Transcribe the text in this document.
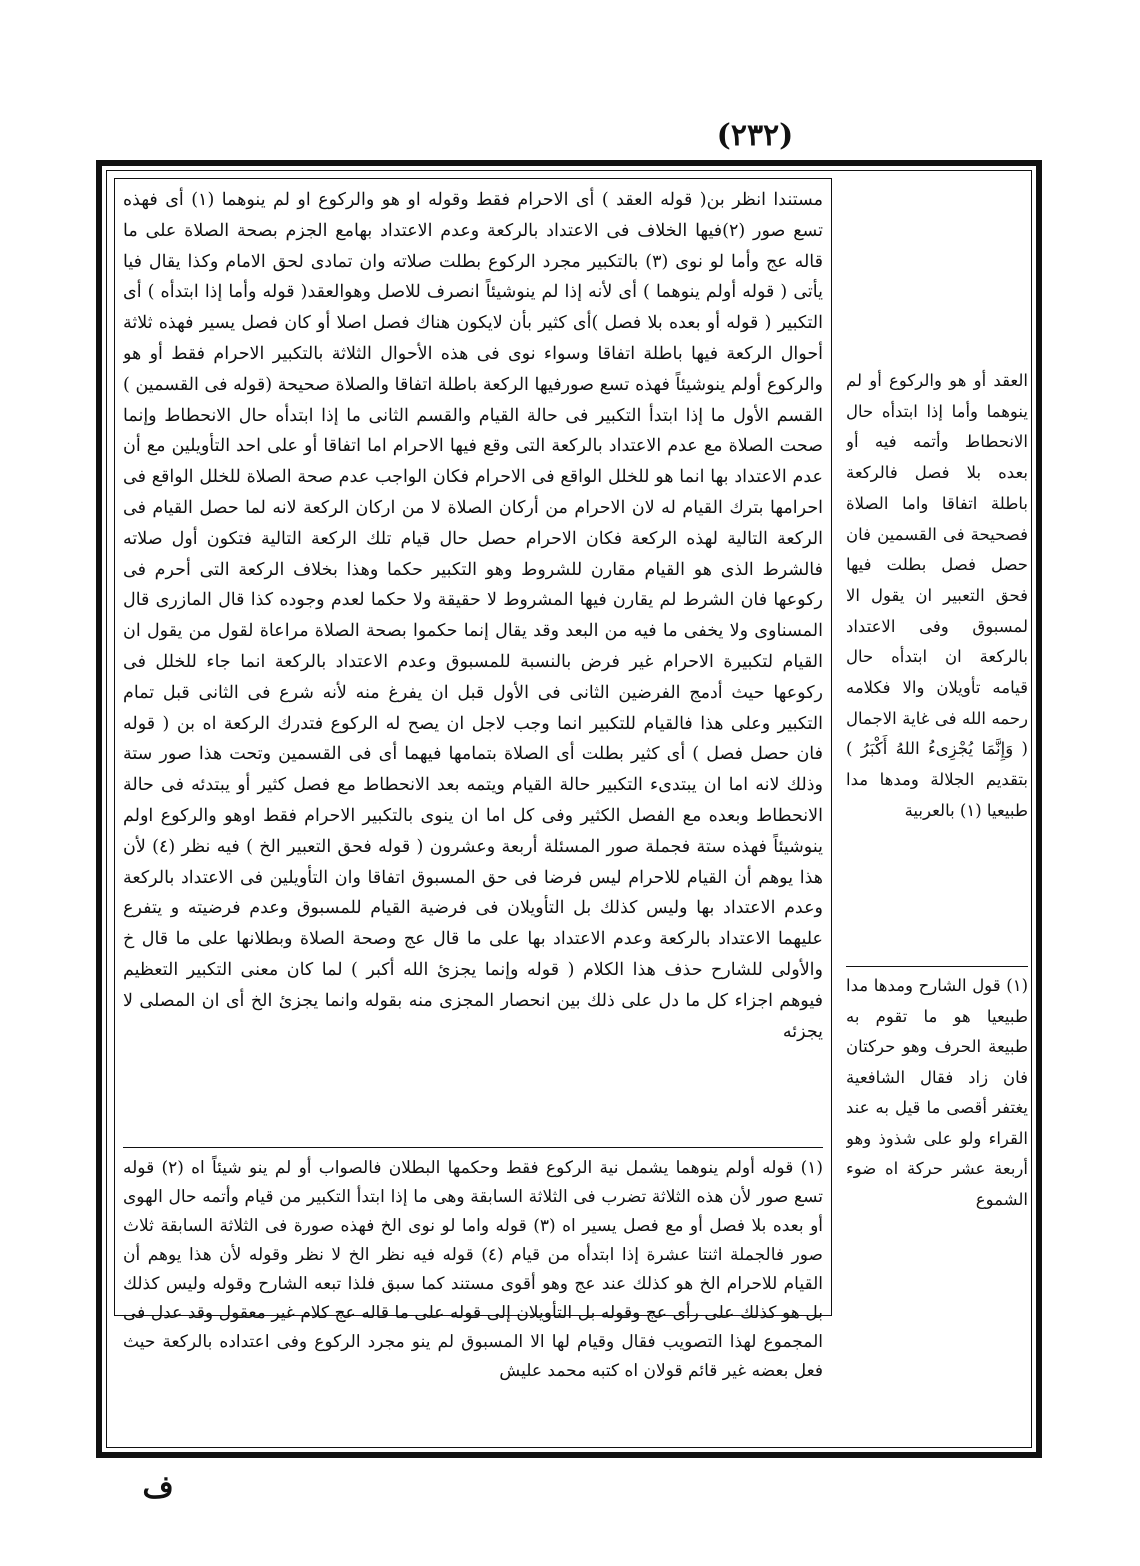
(٢٣٢)
مستندا انظر بن( قوله العقد ) أى الاحرام فقط وقوله او هو والركوع او لم ينوهما (١) أى فهذه تسع صور (٢)فيها الخلاف فى الاعتداد بالركعة وعدم الاعتداد بهامع الجزم بصحة الصلاة على ما قاله عج وأما لو نوى (٣) بالتكبير مجرد الركوع بطلت صلاته وان تمادى لحق الامام وكذا يقال فيا يأتى ( قوله أولم ينوهما ) أى لأنه إذا لم ينوشيئاً انصرف للاصل وهوالعقد( قوله وأما إذا ابتدأه ) أى التكبير ( قوله أو بعده بلا فصل )أى كثير بأن لايكون هناك فصل اصلا أو كان فصل يسير فهذه ثلاثة أحوال الركعة فيها باطلة اتفاقا وسواء نوى فى هذه الأحوال الثلاثة بالتكبير الاحرام فقط أو هو والركوع أولم ينوشيئاً فهذه تسع صورفيها الركعة باطلة اتفاقا والصلاة صحيحة (قوله فى القسمين ) القسم الأول ما إذا ابتدأ التكبير فى حالة القيام والقسم الثانى ما إذا ابتدأه حال الانحطاط وإنما صحت الصلاة مع عدم الاعتداد بالركعة التى وقع فيها الاحرام اما اتفاقا أو على احد التأويلين مع أن عدم الاعتداد بها انما هو للخلل الواقع فى الاحرام فكان الواجب عدم صحة الصلاة للخلل الواقع فى احرامها بترك القيام له لان الاحرام من أركان الصلاة لا من اركان الركعة لانه لما حصل القيام فى الركعة التالية لهذه الركعة فكان الاحرام حصل حال قيام تلك الركعة التالية فتكون أول صلاته فالشرط الذى هو القيام مقارن للشروط وهو التكبير حكما وهذا بخلاف الركعة التى أحرم فى ركوعها فان الشرط لم يقارن فيها المشروط لا حقيقة ولا حكما لعدم وجوده كذا قال المازرى قال المسناوى ولا يخفى ما فيه من البعد وقد يقال إنما حكموا بصحة الصلاة مراعاة لقول من يقول ان القيام لتكبيرة الاحرام غير فرض بالنسبة للمسبوق وعدم الاعتداد بالركعة انما جاء للخلل فى ركوعها حيث أدمج الفرضين الثانى فى الأول قبل ان يفرغ منه لأنه شرع فى الثانى قبل تمام التكبير وعلى هذا فالقيام للتكبير انما وجب لاجل ان يصح له الركوع فتدرك الركعة اه بن ( قوله فان حصل فصل ) أى كثير بطلت أى الصلاة بتمامها فيهما أى فى القسمين وتحت هذا صور ستة وذلك لانه اما ان يبتدىء التكبير حالة القيام ويتمه بعد الانحطاط مع فصل كثير أو يبتدئه فى حالة الانحطاط وبعده مع الفصل الكثير وفى كل اما ان ينوى بالتكبير الاحرام فقط اوهو والركوع اولم ينوشيئاً فهذه ستة فجملة صور المسئلة أربعة وعشرون ( قوله فحق التعبير الخ ) فيه نظر (٤) لأن هذا يوهم أن القيام للاحرام ليس فرضا فى حق المسبوق اتفاقا وان التأويلين فى الاعتداد بالركعة وعدم الاعتداد بها وليس كذلك بل التأويلان فى فرضية القيام للمسبوق وعدم فرضيته و يتفرع عليهما الاعتداد بالركعة وعدم الاعتداد بها على ما قال عج وصحة الصلاة وبطلانها على ما قال خ والأولى للشارح حذف هذا الكلام ( قوله وإنما يجزئ الله أكبر ) لما كان معنى التكبير التعظيم فيوهم اجزاء كل ما دل على ذلك بين انحصار المجزى منه بقوله وانما يجزئ الخ أى ان المصلى لا يجزئه
(١) قوله أولم ينوهما يشمل نية الركوع فقط وحكمها البطلان فالصواب أو لم ينو شيئاً اه (٢) قوله تسع صور لأن هذه الثلاثة تضرب فى الثلاثة السابقة وهى ما إذا ابتدأ التكبير من قيام وأتمه حال الهوى أو بعده بلا فصل أو مع فصل يسير اه (٣) قوله واما لو نوى الخ فهذه صورة فى الثلاثة السابقة ثلاث صور فالجملة اثنتا عشرة إذا ابتدأه من قيام (٤) قوله فيه نظر الخ لا نظر وقوله لأن هذا يوهم أن القيام للاحرام الخ هو كذلك عند عج وهو أقوى مستند كما سبق فلذا تبعه الشارح وقوله وليس كذلك بل هو كذلك على رأى عج وقوله بل التأويلان إلى قوله على ما قاله عج كلام غير معقول وقد عدل فى المجموع لهذا التصويب فقال وقيام لها الا المسبوق لم ينو مجرد الركوع وفى اعتداده بالركعة حيث فعل بعضه غير قائم قولان اه كتبه محمد عليش
العقد أو هو والركوع أو لم ينوهما وأما إذا ابتدأه حال الانحطاط وأتمه فيه أو بعده بلا فصل فالركعة باطلة اتفاقا واما الصلاة فصحيحة فى القسمين فان حصل فصل بطلت فيها فحق التعبير ان يقول الا لمسبوق وفى الاعتداد بالركعة ان ابتدأه حال قيامه تأويلان والا فكلامه رحمه الله فى غاية الاجمال ( وَإِنَّمَا يُجْزِىءُ اللهُ أَكْبَرُ ) بتقديم الجلالة ومدها مدا طبيعيا (١) بالعربية
(١) قول الشارح ومدها مدا طبيعيا هو ما تقوم به طبيعة الحرف وهو حركتان فان زاد فقال الشافعية يغتفر أقصى ما قيل به عند القراء ولو على شذوذ وهو أربعة عشر حركة اه ضوء الشموع
ف
